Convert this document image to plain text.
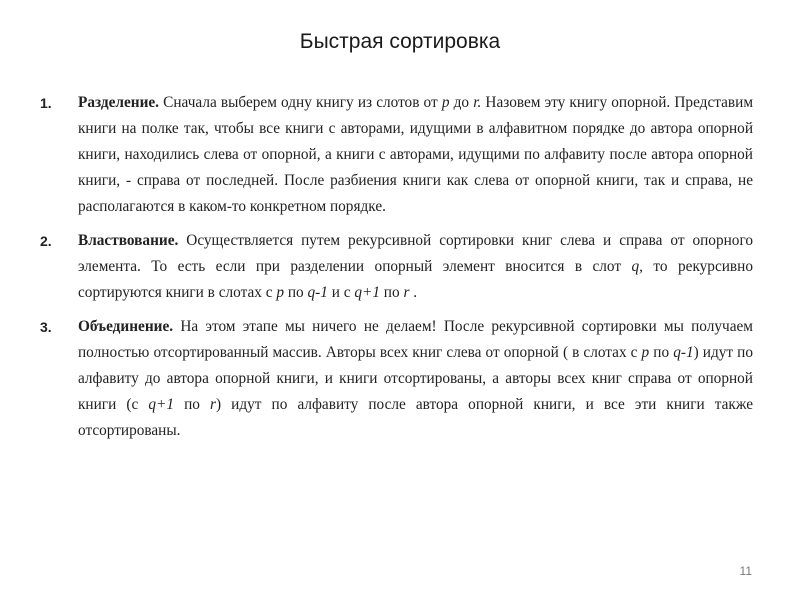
Быстрая сортировка
1. Разделение. Сначала выберем одну книгу из слотов от p до r. Назовем эту книгу опорной. Представим книги на полке так, чтобы все книги с авторами, идущими в алфавитном порядке до автора опорной книги, находились слева от опорной, а книги с авторами, идущими по алфавиту после автора опорной книги, - справа от последней. После разбиения книги как слева от опорной книги, так и справа, не располагаются в каком-то конкретном порядке.
2. Властвование. Осуществляется путем рекурсивной сортировки книг слева и справа от опорного элемента. То есть если при разделении опорный элемент вносится в слот q, то рекурсивно сортируются книги в слотах с p по q-1 и с q+1 по r .
3. Объединение. На этом этапе мы ничего не делаем! После рекурсивной сортировки мы получаем полностью отсортированный массив. Авторы всех книг слева от опорной ( в слотах с p по q-1) идут по алфавиту до автора опорной книги, и книги отсортированы, а авторы всех книг справа от опорной книги (с q+1 по r) идут по алфавиту после автора опорной книги, и все эти книги также отсортированы.
11
